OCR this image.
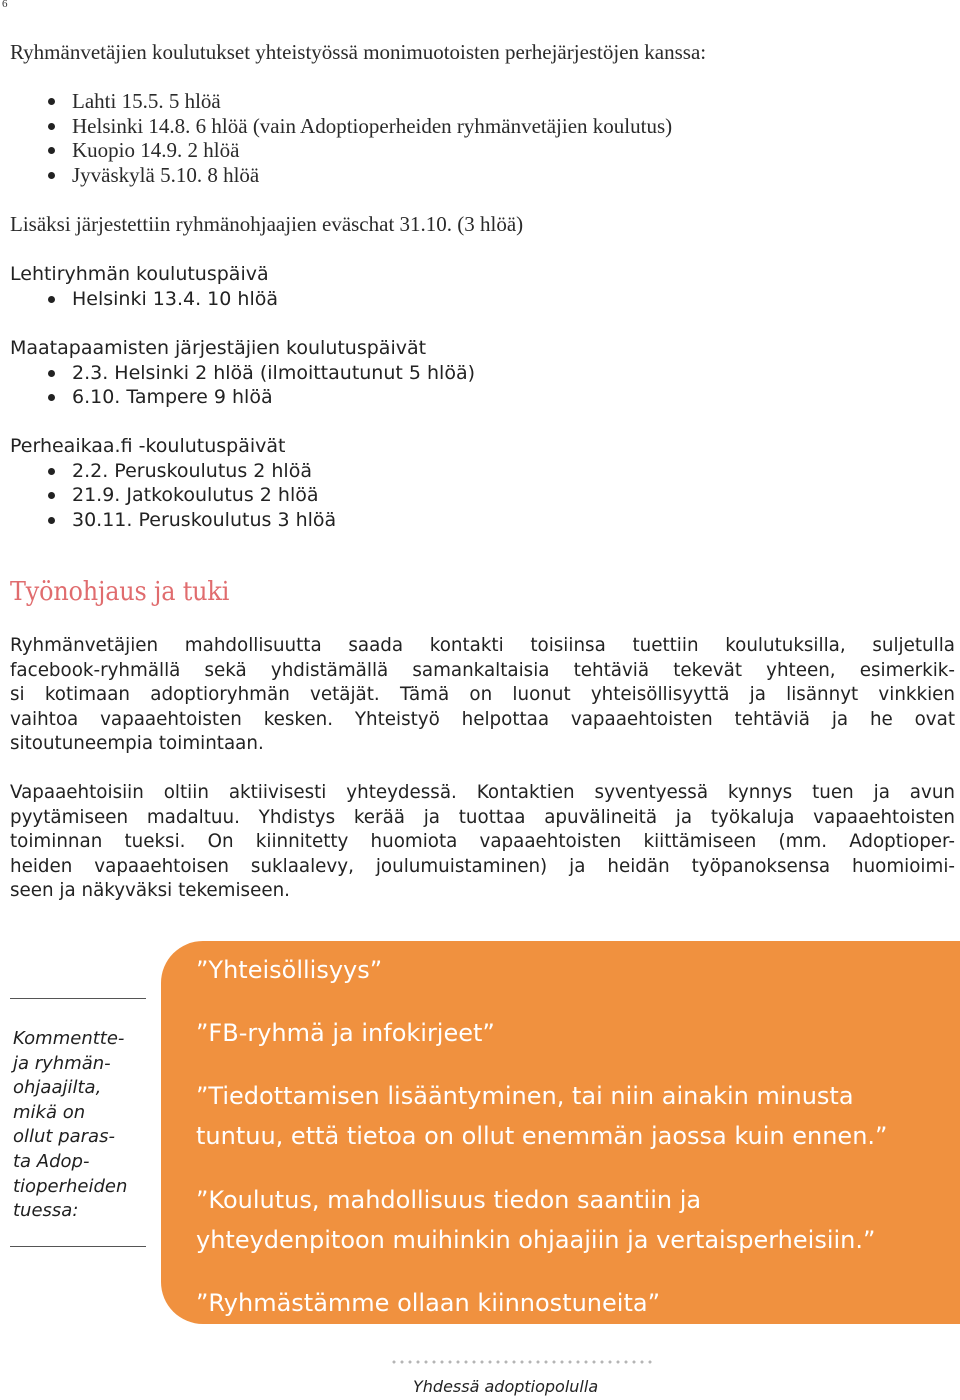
6
Ryhmänvetäjien koulutukset yhteistyössä monimuotoisten perhejärjestöjen kanssa:
Lahti 15.5. 5 hlöä
Helsinki 14.8. 6 hlöä (vain Adoptioperheiden ryhmänvetäjien koulutus)
Kuopio 14.9. 2 hlöä
Jyväskylä 5.10. 8 hlöä
Lisäksi järjestettiin ryhmänohjaajien eväschat 31.10. (3 hlöä)
Lehtiryhmän koulutuspäivä
Helsinki 13.4. 10 hlöä
Maatapaamisten järjestäjien koulutuspäivät
2.3. Helsinki 2 hlöä (ilmoittautunut 5 hlöä)
6.10. Tampere 9 hlöä
Perheaikaa.fi -koulutuspäivät
2.2. Peruskoulutus 2 hlöä
21.9. Jatkokoulutus 2 hlöä
30.11. Peruskoulutus 3 hlöä
Työnohjaus ja tuki
Ryhmänvetäjien mahdollisuutta saada kontakti toisiinsa tuettiin koulutuksilla, suljetulla
facebook-ryhmällä sekä yhdistämällä samankaltaisia tehtäviä tekevät yhteen, esimerkik-
si kotimaan adoptioryhmän vetäjät. Tämä on luonut yhteisöllisyyttä ja lisännyt vinkkien
vaihtoa vapaaehtoisten kesken. Yhteistyö helpottaa vapaaehtoisten tehtäviä ja he ovat
sitoutuneempia toimintaan.
Vapaaehtoisiin oltiin aktiivisesti yhteydessä. Kontaktien syventyessä kynnys tuen ja avun
pyytämiseen madaltuu. Yhdistys kerää ja tuottaa apuvälineitä ja työkaluja vapaaehtoisten
toiminnan tueksi. On kiinnitetty huomiota vapaaehtoisten kiittämiseen (mm. Adoptioper-
heiden vapaaehtoisen suklaalevy, joulumuistaminen) ja heidän työpanoksensa huomioimi-
seen ja näkyväksi tekemiseen.
Kommentte-
ja ryhmän-
ohjaajilta,
mikä on
ollut paras-
ta Adop-
tioperheiden
tuessa:
”Yhteisöllisyys”
”FB-ryhmä ja infokirjeet”
”Tiedottamisen lisääntyminen, tai niin ainakin minusta
tuntuu, että tietoa on ollut enemmän jaossa kuin ennen.”
”Koulutus, mahdollisuus tiedon saantiin ja
yhteydenpitoon muihinkin ohjaajiin ja vertaisperheisiin.”
”Ryhmästämme ollaan kiinnostuneita”
Yhdessä adoptiopolulla
